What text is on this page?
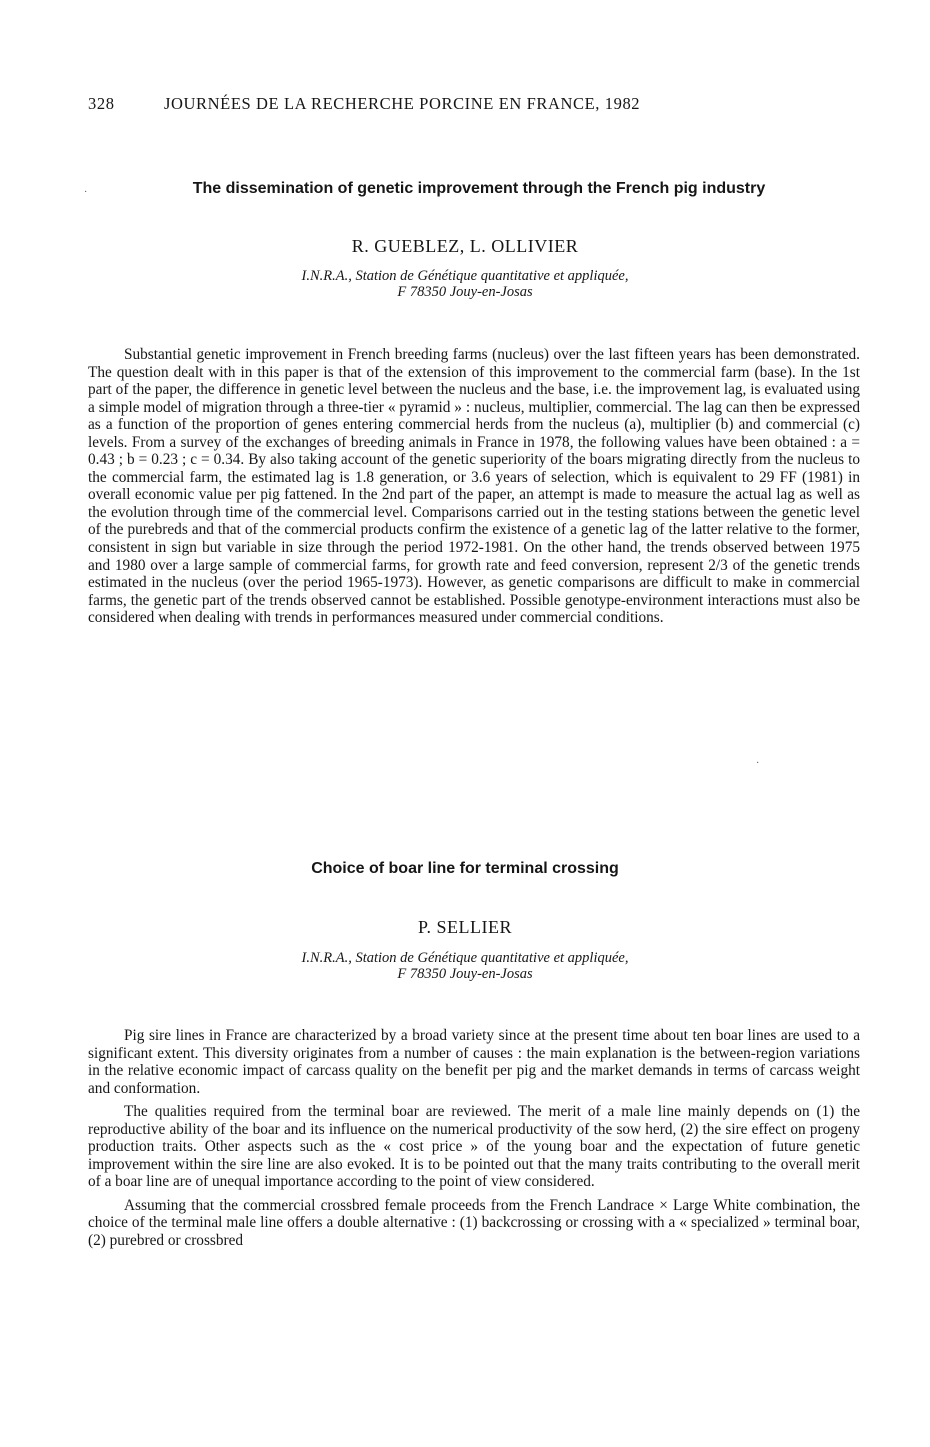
328	JOURNÉES DE LA RECHERCHE PORCINE EN FRANCE, 1982
·	The dissemination of genetic improvement through the French pig industry
R. GUEBLEZ, L. OLLIVIER
I.N.R.A., Station de Génétique quantitative et appliquée,
F 78350 Jouy-en-Josas

Substantial genetic improvement in French breeding farms (nucleus) over the last fifteen years has been demonstrated. The question dealt with in this paper is that of the extension of this improvement to the commercial farm (base). In the 1st part of the paper, the difference in genetic level between the nucleus and the base, i.e. the improvement lag, is evaluated using a simple model of migration through a three-tier « pyramid » : nucleus, multiplier, commercial. The lag can then be expressed as a function of the proportion of genes entering commercial herds from the nucleus (a), multiplier (b) and commercial (c) levels. From a survey of the exchanges of breeding animals in France in 1978, the following values have been obtained : a = 0.43 ; b = 0.23 ; c = 0.34. By also taking account of the genetic superiority of the boars migrating directly from the nucleus to the commercial farm, the estimated lag is 1.8 generation, or 3.6 years of selection, which is equivalent to 29 FF (1981) in overall economic value per pig fattened. In the 2nd part of the paper, an attempt is made to measure the actual lag as well as the evolution through time of the commercial level. Comparisons carried out in the testing stations between the genetic level of the purebreds and that of the commercial products confirm the existence of a genetic lag of the latter relative to the former, consistent in sign but variable in size through the period 1972-1981. On the other hand, the trends observed between 1975 and 1980 over a large sample of commercial farms, for growth rate and feed conversion, represent 2/3 of the genetic trends estimated in the nucleus (over the period 1965-1973). However, as genetic comparisons are difficult to make in commercial farms, the genetic part of the trends observed cannot be established. Possible genotype-environment interactions must also be considered when dealing with trends in performances measured under commercial conditions.

·
Choice of boar line for terminal crossing
P. SELLIER
I.N.R.A., Station de Génétique quantitative et appliquée,
F 78350 Jouy-en-Josas

Pig sire lines in France are characterized by a broad variety since at the present time about ten boar lines are used to a significant extent. This diversity originates from a number of causes : the main explanation is the between-region variations in the relative economic impact of carcass quality on the benefit per pig and the market demands in terms of carcass weight and conformation.

The qualities required from the terminal boar are reviewed. The merit of a male line mainly depends on (1) the reproductive ability of the boar and its influence on the numerical productivity of the sow herd, (2) the sire effect on progeny production traits. Other aspects such as the « cost price » of the young boar and the expectation of future genetic improvement within the sire line are also evoked. It is to be pointed out that the many traits contributing to the overall merit of a boar line are of unequal importance according to the point of view considered.

Assuming that the commercial crossbred female proceeds from the French Landrace × Large White combination, the choice of the terminal male line offers a double alternative : (1) backcrossing or crossing with a « specialized » terminal boar, (2) purebred or crossbred
